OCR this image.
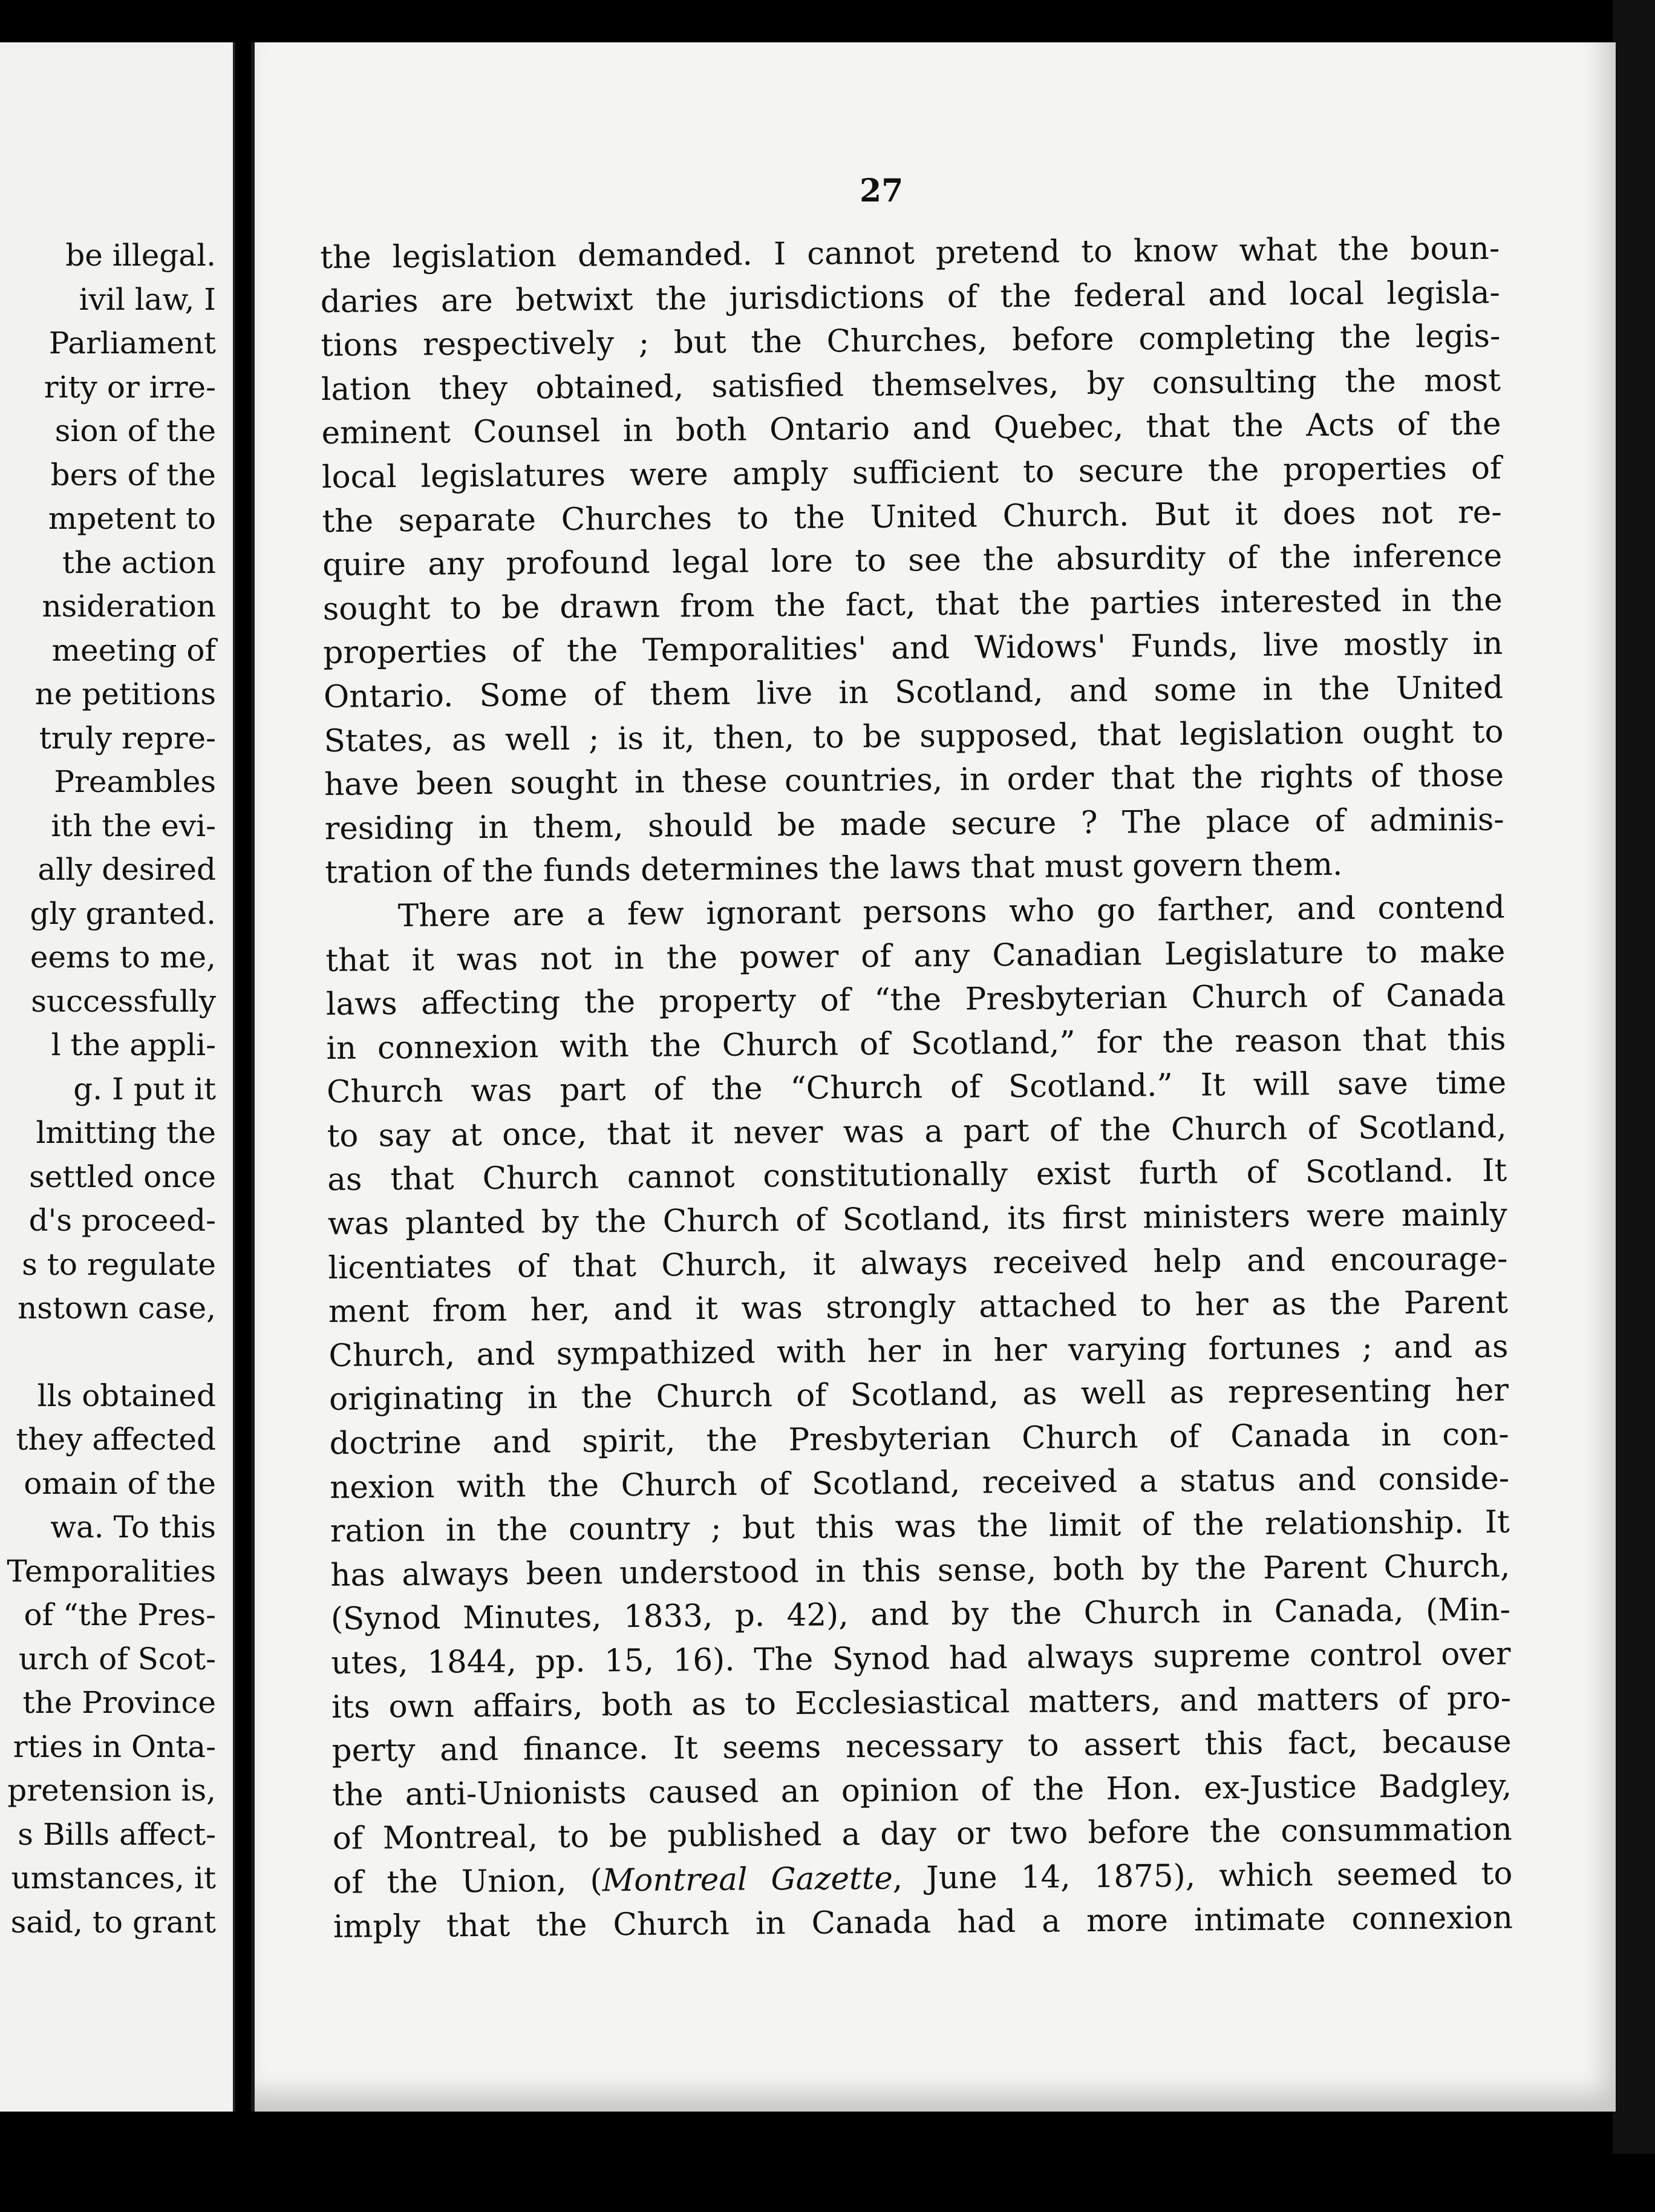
be illegal.
ivil law, I
Parliament
rity or irre-
sion of the
bers of the
mpetent to
the action
nsideration
meeting of
ne petitions
truly repre-
Preambles
ith the evi-
ally desired
gly granted.
eems to me,
successfully
l the appli-
g. I put it
lmitting the
settled once
d's proceed-
s to regulate
nstown case,
lls obtained
they affected
omain of the
wa. To this
Temporalities
of “the Pres-
urch of Scot-
the Province
rties in Onta-
pretension is,
s Bills affect-
umstances, it
said, to grant
27
the legislation demanded. I cannot pretend to know what the boun-
daries are betwixt the jurisdictions of the federal and local legisla-
tions respectively ; but the Churches, before completing the legis-
lation they obtained, satisfied themselves, by consulting the most
eminent Counsel in both Ontario and Quebec, that the Acts of the
local legislatures were amply sufficient to secure the properties of
the separate Churches to the United Church. But it does not re-
quire any profound legal lore to see the absurdity of the inference
sought to be drawn from the fact, that the parties interested in the
properties of the Temporalities' and Widows' Funds, live mostly in
Ontario. Some of them live in Scotland, and some in the United
States, as well ; is it, then, to be supposed, that legislation ought to
have been sought in these countries, in order that the rights of those
residing in them, should be made secure ? The place of adminis-
tration of the funds determines the laws that must govern them.
There are a few ignorant persons who go farther, and contend
that it was not in the power of any Canadian Legislature to make
laws affecting the property of “the Presbyterian Church of Canada
in connexion with the Church of Scotland,” for the reason that this
Church was part of the “Church of Scotland.” It will save time
to say at once, that it never was a part of the Church of Scotland,
as that Church cannot constitutionally exist furth of Scotland. It
was planted by the Church of Scotland, its first ministers were mainly
licentiates of that Church, it always received help and encourage-
ment from her, and it was strongly attached to her as the Parent
Church, and sympathized with her in her varying fortunes ; and as
originating in the Church of Scotland, as well as representing her
doctrine and spirit, the Presbyterian Church of Canada in con-
nexion with the Church of Scotland, received a status and conside-
ration in the country ; but this was the limit of the relationship. It
has always been understood in this sense, both by the Parent Church,
(Synod Minutes, 1833, p. 42), and by the Church in Canada, (Min-
utes, 1844, pp. 15, 16). The Synod had always supreme control over
its own affairs, both as to Ecclesiastical matters, and matters of pro-
perty and finance. It seems necessary to assert this fact, because
the anti-Unionists caused an opinion of the Hon. ex-Justice Badgley,
of Montreal, to be published a day or two before the consummation
of the Union, (Montreal Gazette, June 14, 1875), which seemed to
imply that the Church in Canada had a more intimate connexion
